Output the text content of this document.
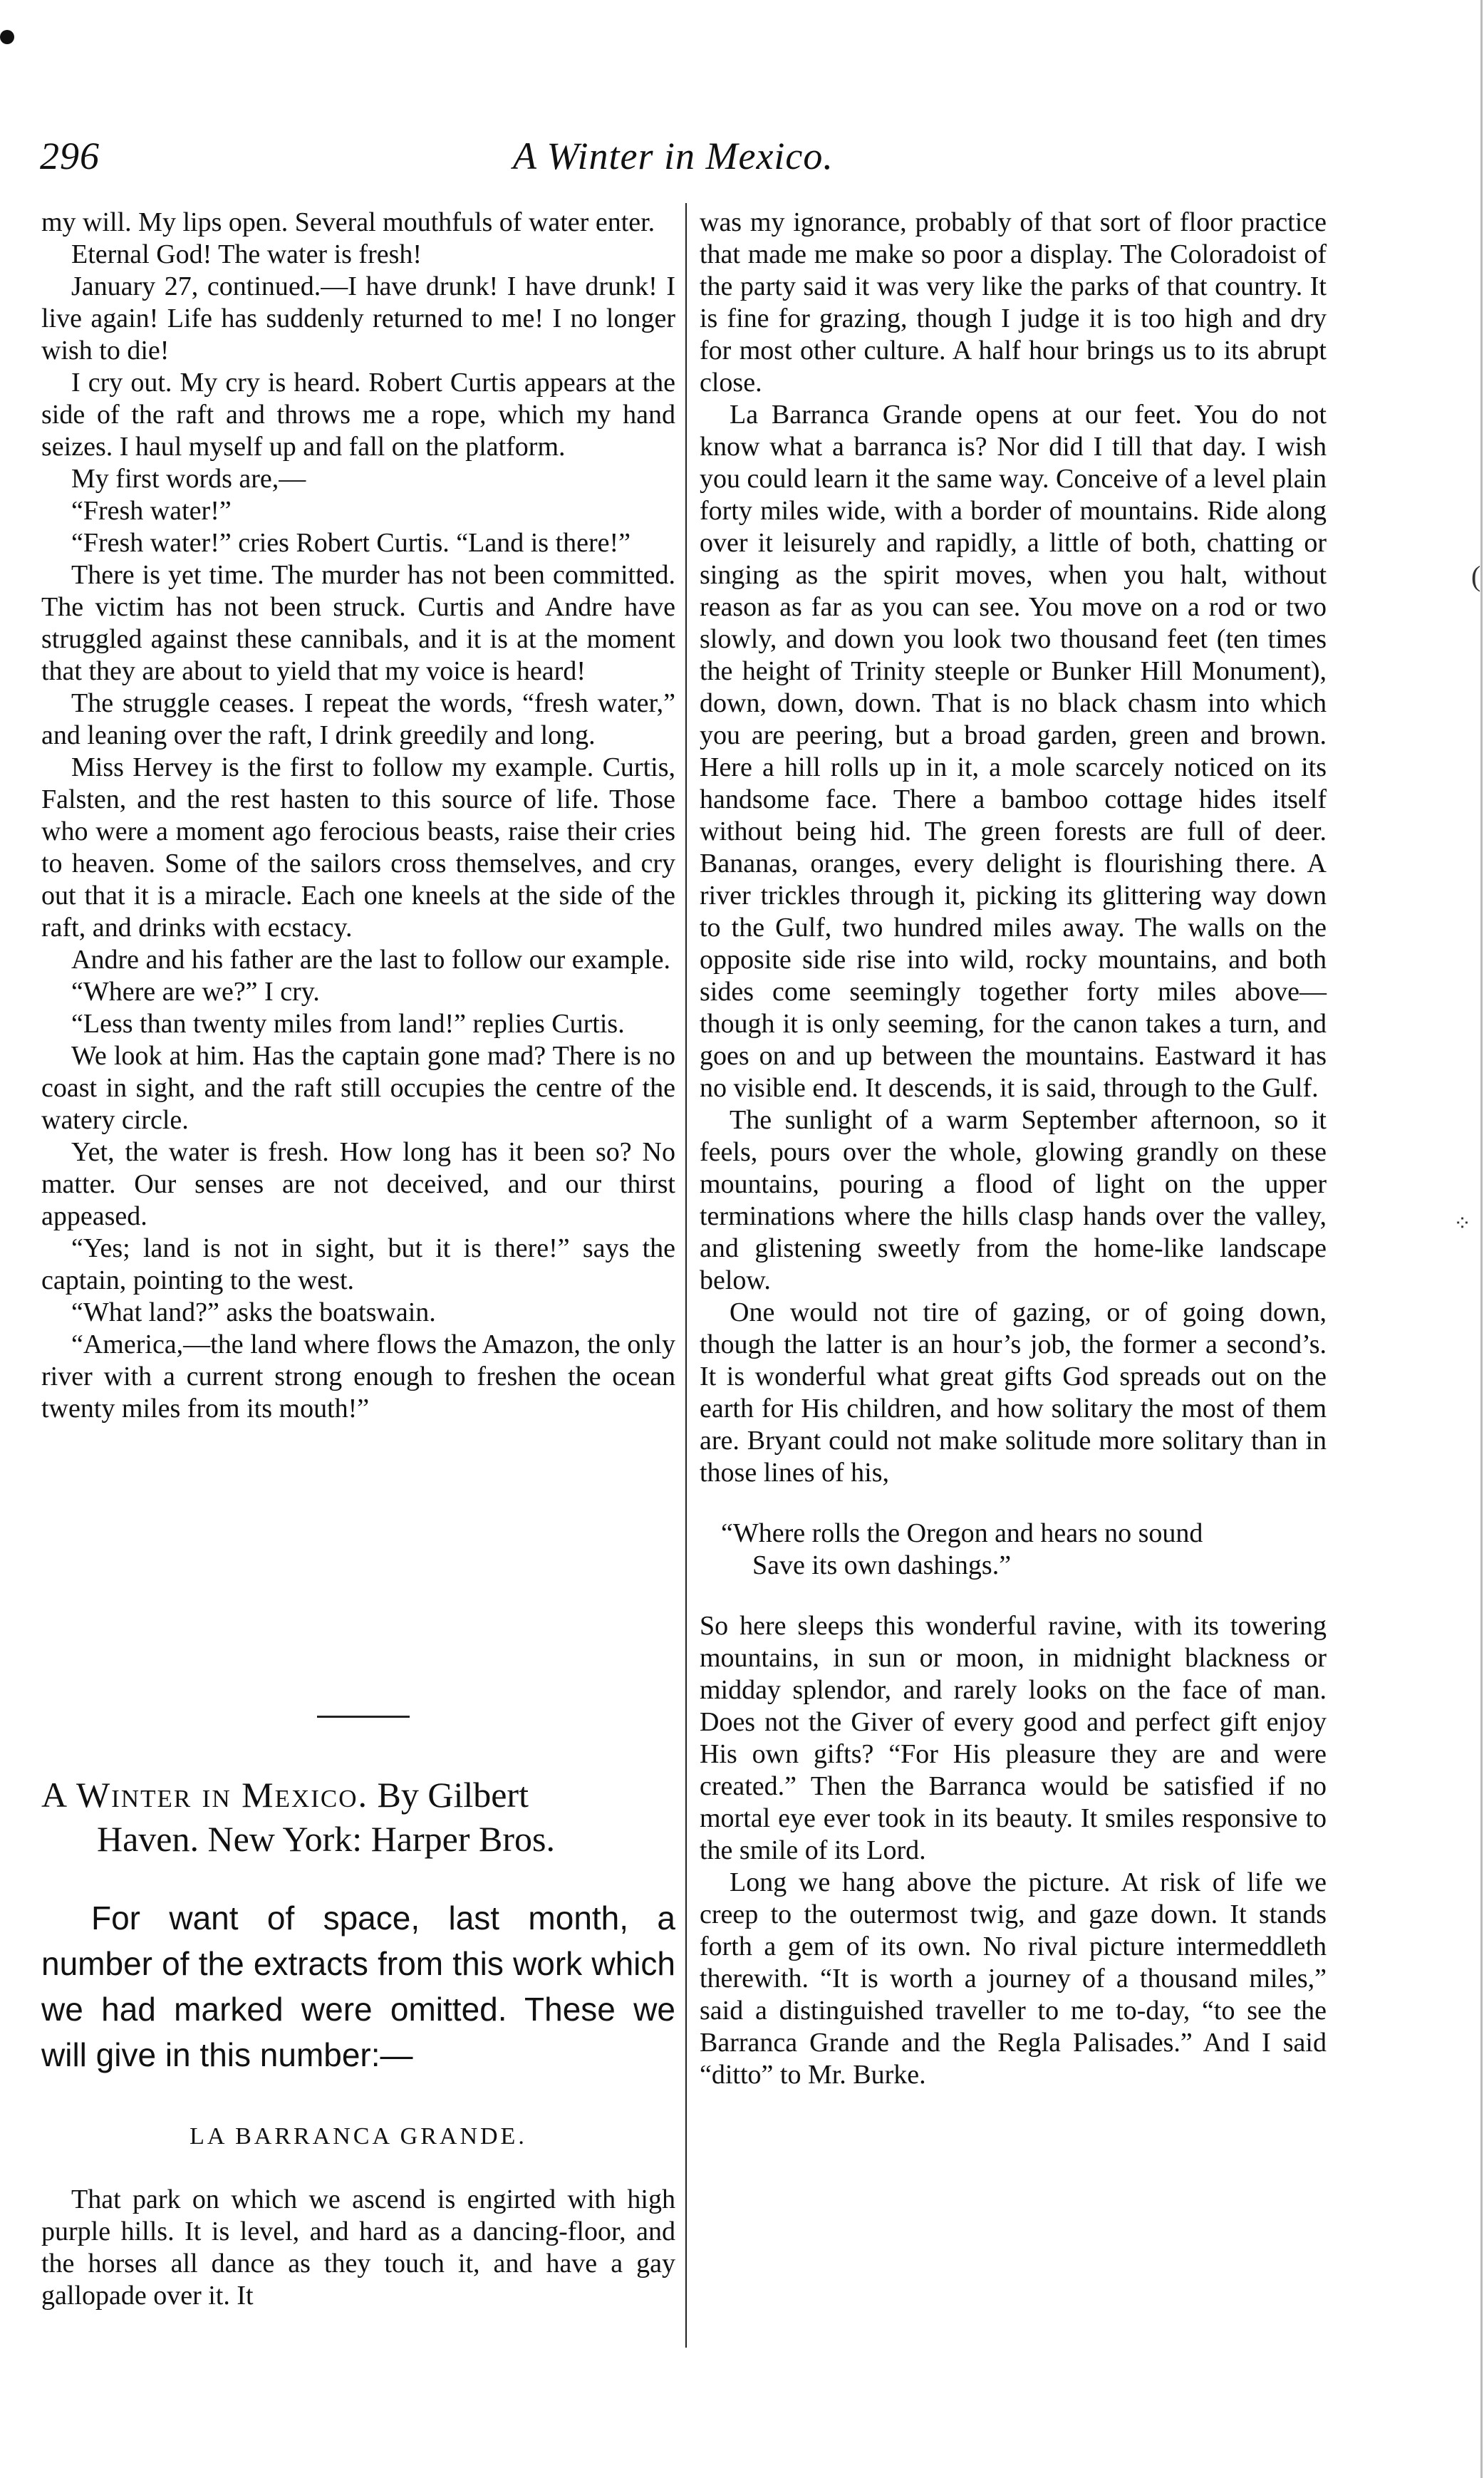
296	A Winter in Mexico.

my will. My lips open. Several mouthfuls of water enter.

Eternal God! The water is fresh!

January 27, continued.—I have drunk! I have drunk! I live again! Life has suddenly returned to me! I no longer wish to die!

I cry out. My cry is heard. Robert Curtis appears at the side of the raft and throws me a rope, which my hand seizes. I haul myself up and fall on the platform.

My first words are,—

“Fresh water!”

“Fresh water!” cries Robert Curtis. “Land is there!”

There is yet time. The murder has not been committed. The victim has not been struck. Curtis and Andre have struggled against these cannibals, and it is at the moment that they are about to yield that my voice is heard!

The struggle ceases. I repeat the words, “fresh water,” and leaning over the raft, I drink greedily and long.

Miss Hervey is the first to follow my example. Curtis, Falsten, and the rest hasten to this source of life. Those who were a moment ago ferocious beasts, raise their cries to heaven. Some of the sailors cross themselves, and cry out that it is a miracle. Each one kneels at the side of the raft, and drinks with ecstacy.

Andre and his father are the last to follow our example.

“Where are we?” I cry.

“Less than twenty miles from land!” replies Curtis.

We look at him. Has the captain gone mad? There is no coast in sight, and the raft still occupies the centre of the watery circle.

Yet, the water is fresh. How long has it been so? No matter. Our senses are not deceived, and our thirst appeased.

“Yes; land is not in sight, but it is there!” says the captain, pointing to the west.

“What land?” asks the boatswain.

“America,—the land where flows the Amazon, the only river with a current strong enough to freshen the ocean twenty miles from its mouth!”

A Winter in Mexico. By Gilbert
Haven. New York: Harper Bros.

For want of space, last month, a number of the extracts from this work which we had marked were omitted. These we will give in this number:—

LA BARRANCA GRANDE.

That park on which we ascend is engirted with high purple hills. It is level, and hard as a dancing-floor, and the horses all dance as they touch it, and have a gay gallopade over it. It

was my ignorance, probably of that sort of floor practice that made me make so poor a display. The Coloradoist of the party said it was very like the parks of that country. It is fine for grazing, though I judge it is too high and dry for most other culture. A half hour brings us to its abrupt close.

La Barranca Grande opens at our feet. You do not know what a barranca is? Nor did I till that day. I wish you could learn it the same way. Conceive of a level plain forty miles wide, with a border of mountains. Ride along over it leisurely and rapidly, a little of both, chatting or singing as the spirit moves, when you halt, without reason as far as you can see. You move on a rod or two slowly, and down you look two thousand feet (ten times the height of Trinity steeple or Bunker Hill Monument), down, down, down. That is no black chasm into which you are peering, but a broad garden, green and brown. Here a hill rolls up in it, a mole scarcely noticed on its handsome face. There a bamboo cottage hides itself without being hid. The green forests are full of deer. Bananas, oranges, every delight is flourishing there. A river trickles through it, picking its glittering way down to the Gulf, two hundred miles away. The walls on the opposite side rise into wild, rocky mountains, and both sides come seemingly together forty miles above—though it is only seeming, for the canon takes a turn, and goes on and up between the mountains. Eastward it has no visible end. It descends, it is said, through to the Gulf.

The sunlight of a warm September afternoon, so it feels, pours over the whole, glowing grandly on these mountains, pouring a flood of light on the upper terminations where the hills clasp hands over the valley, and glistening sweetly from the home-like landscape below.

One would not tire of gazing, or of going down, though the latter is an hour’s job, the former a second’s. It is wonderful what great gifts God spreads out on the earth for His children, and how solitary the most of them are. Bryant could not make solitude more solitary than in those lines of his,

“Where rolls the Oregon and hears no sound
Save its own dashings.”

So here sleeps this wonderful ravine, with its towering mountains, in sun or moon, in midnight blackness or midday splendor, and rarely looks on the face of man. Does not the Giver of every good and perfect gift enjoy His own gifts? “For His pleasure they are and were created.” Then the Barranca would be satisfied if no mortal eye ever took in its beauty. It smiles responsive to the smile of its Lord.

Long we hang above the picture. At risk of life we creep to the outermost twig, and gaze down. It stands forth a gem of its own. No rival picture intermeddleth therewith. “It is worth a journey of a thousand miles,” said a distinguished traveller to me to-day, “to see the Barranca Grande and the Regla Palisades.” And I said “ditto” to Mr. Burke.

(
⁘
